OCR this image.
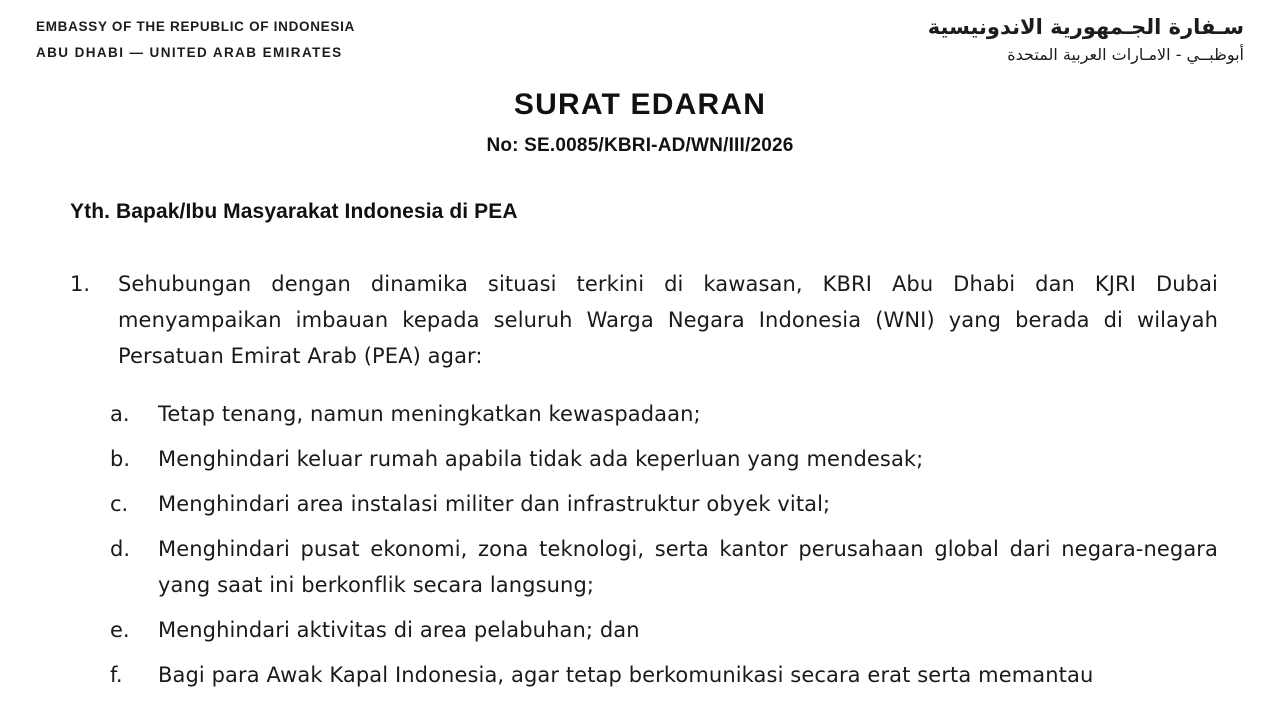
EMBASSY OF THE REPUBLIC OF INDONESIA
ABU DHABI — UNITED ARAB EMIRATES
سـفارة الجـمهورية الاندونيسية
أبوظبــي - الامـارات العربية المتحدة
SURAT EDARAN
No: SE.0085/KBRI-AD/WN/III/2026
Yth. Bapak/Ibu Masyarakat Indonesia di PEA
1.	Sehubungan dengan dinamika situasi terkini di kawasan, KBRI Abu Dhabi dan KJRI Dubai menyampaikan imbauan kepada seluruh Warga Negara Indonesia (WNI) yang berada di wilayah Persatuan Emirat Arab (PEA) agar:
a.	Tetap tenang, namun meningkatkan kewaspadaan;
b.	Menghindari keluar rumah apabila tidak ada keperluan yang mendesak;
c.	Menghindari area instalasi militer dan infrastruktur obyek vital;
d.	Menghindari pusat ekonomi, zona teknologi, serta kantor perusahaan global dari negara-negara yang saat ini berkonflik secara langsung;
e.	Menghindari aktivitas di area pelabuhan; dan
f.	Bagi para Awak Kapal Indonesia, agar tetap berkomunikasi secara erat serta memantau
